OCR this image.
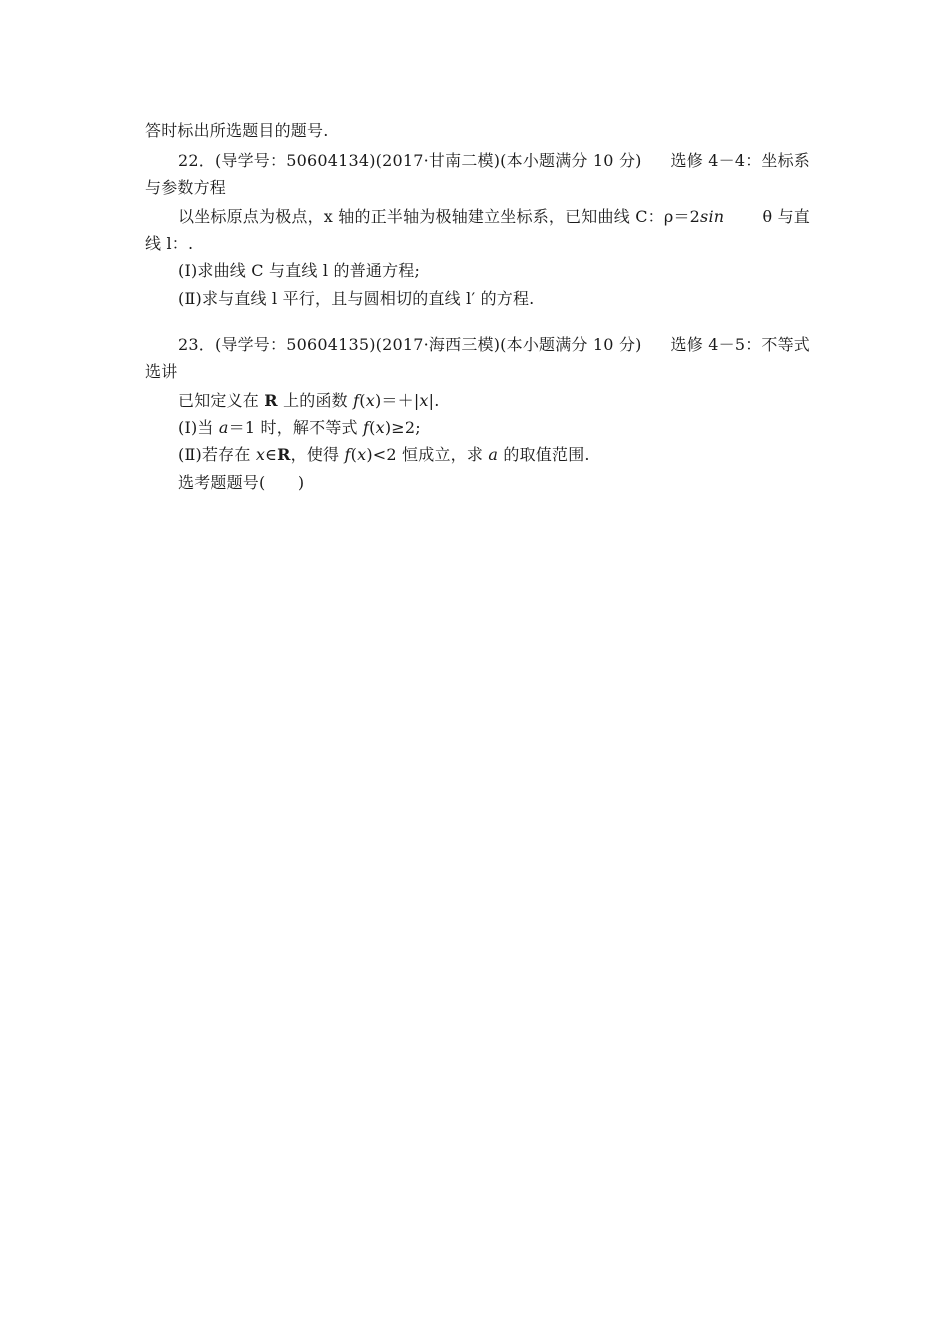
答时标出所选题目的题号.
22．(导学号：50604134)(2017·甘南二模)(本小题满分 10 分) 选修 4－4：坐标系
与参数方程
以坐标原点为极点，x 轴的正半轴为极轴建立坐标系，已知曲线 C：ρ＝2sin θ 与直
线 l：.
(Ⅰ)求曲线 C 与直线 l 的普通方程;
(Ⅱ)求与直线 l 平行，且与圆相切的直线 l′ 的方程.
23．(导学号：50604135)(2017·海西三模)(本小题满分 10 分) 选修 4－5：不等式
选讲
已知定义在 R 上的函数 f(x)＝＋|x|.
(Ⅰ)当 a＝1 时，解不等式 f(x)≥2;
(Ⅱ)若存在 x∈R，使得 f(x)<2 恒成立，求 a 的取值范围.
选考题题号(　　)
